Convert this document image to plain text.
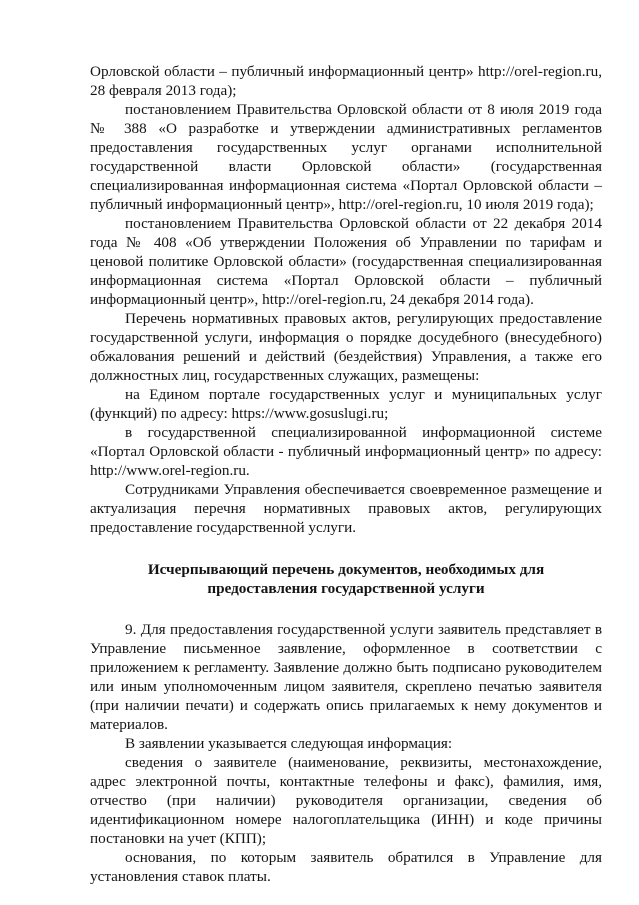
Орловской области – публичный информационный центр» http://orel-region.ru, 28 февраля 2013 года);

постановлением Правительства Орловской области от 8 июля 2019 года № 388 «О разработке и утверждении административных регламентов предоставления государственных услуг органами исполнительной государственной власти Орловской области» (государственная специализированная информационная система «Портал Орловской области – публичный информационный центр», http://orel-region.ru, 10 июля 2019 года);

постановлением Правительства Орловской области от 22 декабря 2014 года № 408 «Об утверждении Положения об Управлении по тарифам и ценовой политике Орловской области» (государственная специализированная информационная система «Портал Орловской области – публичный информационный центр», http://orel-region.ru, 24 декабря 2014 года).

Перечень нормативных правовых актов, регулирующих предоставление государственной услуги, информация о порядке досудебного (внесудебного) обжалования решений и действий (бездействия) Управления, а также его должностных лиц, государственных служащих, размещены:

на Едином портале государственных услуг и муниципальных услуг (функций) по адресу: https://www.gosuslugi.ru;

в государственной специализированной информационной системе «Портал Орловской области - публичный информационный центр» по адресу: http://www.orel-region.ru.

Сотрудниками Управления обеспечивается своевременное размещение и актуализация перечня нормативных правовых актов, регулирующих предоставление государственной услуги.

Исчерпывающий перечень документов, необходимых для предоставления государственной услуги

9. Для предоставления государственной услуги заявитель представляет в Управление письменное заявление, оформленное в соответствии с приложением к регламенту. Заявление должно быть подписано руководителем или иным уполномоченным лицом заявителя, скреплено печатью заявителя (при наличии печати) и содержать опись прилагаемых к нему документов и материалов.

В заявлении указывается следующая информация:

сведения о заявителе (наименование, реквизиты, местонахождение, адрес электронной почты, контактные телефоны и факс), фамилия, имя, отчество (при наличии) руководителя организации, сведения об идентификационном номере налогоплательщика (ИНН) и коде причины постановки на учет (КПП);

основания, по которым заявитель обратился в Управление для установления ставок платы.
